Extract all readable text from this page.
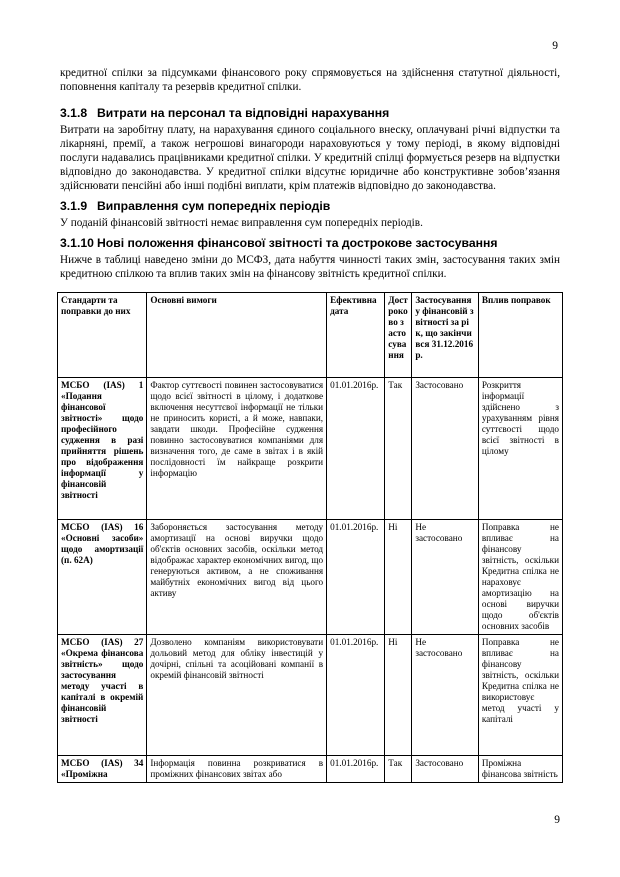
9

кредитної спілки за підсумками фінансового року спрямовується на здійснення статутної діяльності, поповнення капіталу та резервів кредитної спілки.

3.1.8 Витрати на персонал та відповідні нарахування

Витрати на заробітну плату, на нарахування єдиного соціального внеску, оплачувані річні відпустки та лікарняні, премії, а також негрошові винагороди нараховуються у тому періоді, в якому відповідні послуги надавались працівниками кредитної спілки. У кредитній спілці формується резерв на відпустки відповідно до законодавства. У кредитної спілки відсутнє юридичне або конструктивне зобов’язання здійснювати пенсійні або інші подібні виплати, крім платежів відповідно до законодавства.

3.1.9 Виправлення сум попередніх періодів

У поданій фінансовій звітності немає виправлення сум попередніх періодів.

3.1.10 Нові положення фінансової звітності та дострокове застосування

Нижче в таблиці наведено зміни до МСФЗ, дата набуття чинності таких змін, застосування таких змін кредитною спілкою та вплив таких змін на фінансову звітність кредитної спілки.

Стандарти та поправки до них	Основні вимоги	Ефективна дата	Достроково застосування	Застосування у фінансовій звітності за рік, що закінчився 31.12.2016р.	Вплив поправок
МСБО (IAS) 1 «Подання фінансової звітності» щодо професійного судження в разі прийняття рішень про відображення інформації у фінансовій звітності	Фактор суттєвості повинен застосовуватися щодо всієї звітності в цілому, і додаткове включення несуттєвої інформації не тільки не приносить користі, а й може, навпаки, завдати шкоди. Професійне судження повинно застосовуватися компаніями для визначення того, де саме в звітах і в якій послідовності їм найкраще розкрити інформацію	01.01.2016р.	Так	Застосовано	Розкриття інформації здійснено з урахуванням рівня суттєвості щодо всієї звітності в цілому
МСБО (IAS) 16 «Основні засоби» щодо амортизації (п. 62А)	Забороняється застосування методу амортизації на основі виручки щодо об'єктів основних засобів, оскільки метод відображає характер економічних вигод, що генеруються активом, а не споживання майбутніх економічних вигод від цього активу	01.01.2016р.	Ні	Не застосовано	Поправка не впливає на фінансову звітність, оскільки Кредитна спілка не нараховує амортизацію на основі виручки щодо об'єктів основних засобів
МСБО (IAS) 27 «Окрема фінансова звітність» щодо застосування методу участі в капіталі в окремій фінансовій звітності	Дозволено компаніям використовувати дольовий метод для обліку інвестицій у дочірні, спільні та асоційовані компанії в окремій фінансовій звітності	01.01.2016р.	Ні	Не застосовано	Поправка не впливає на фінансову звітність, оскільки Кредитна спілка не використовує метод участі у капіталі
МСБО (IAS) 34 «Проміжна	Інформація повинна розкриватися в проміжних фінансових звітах або	01.01.2016р.	Так	Застосовано	Проміжна фінансова звітність
9
